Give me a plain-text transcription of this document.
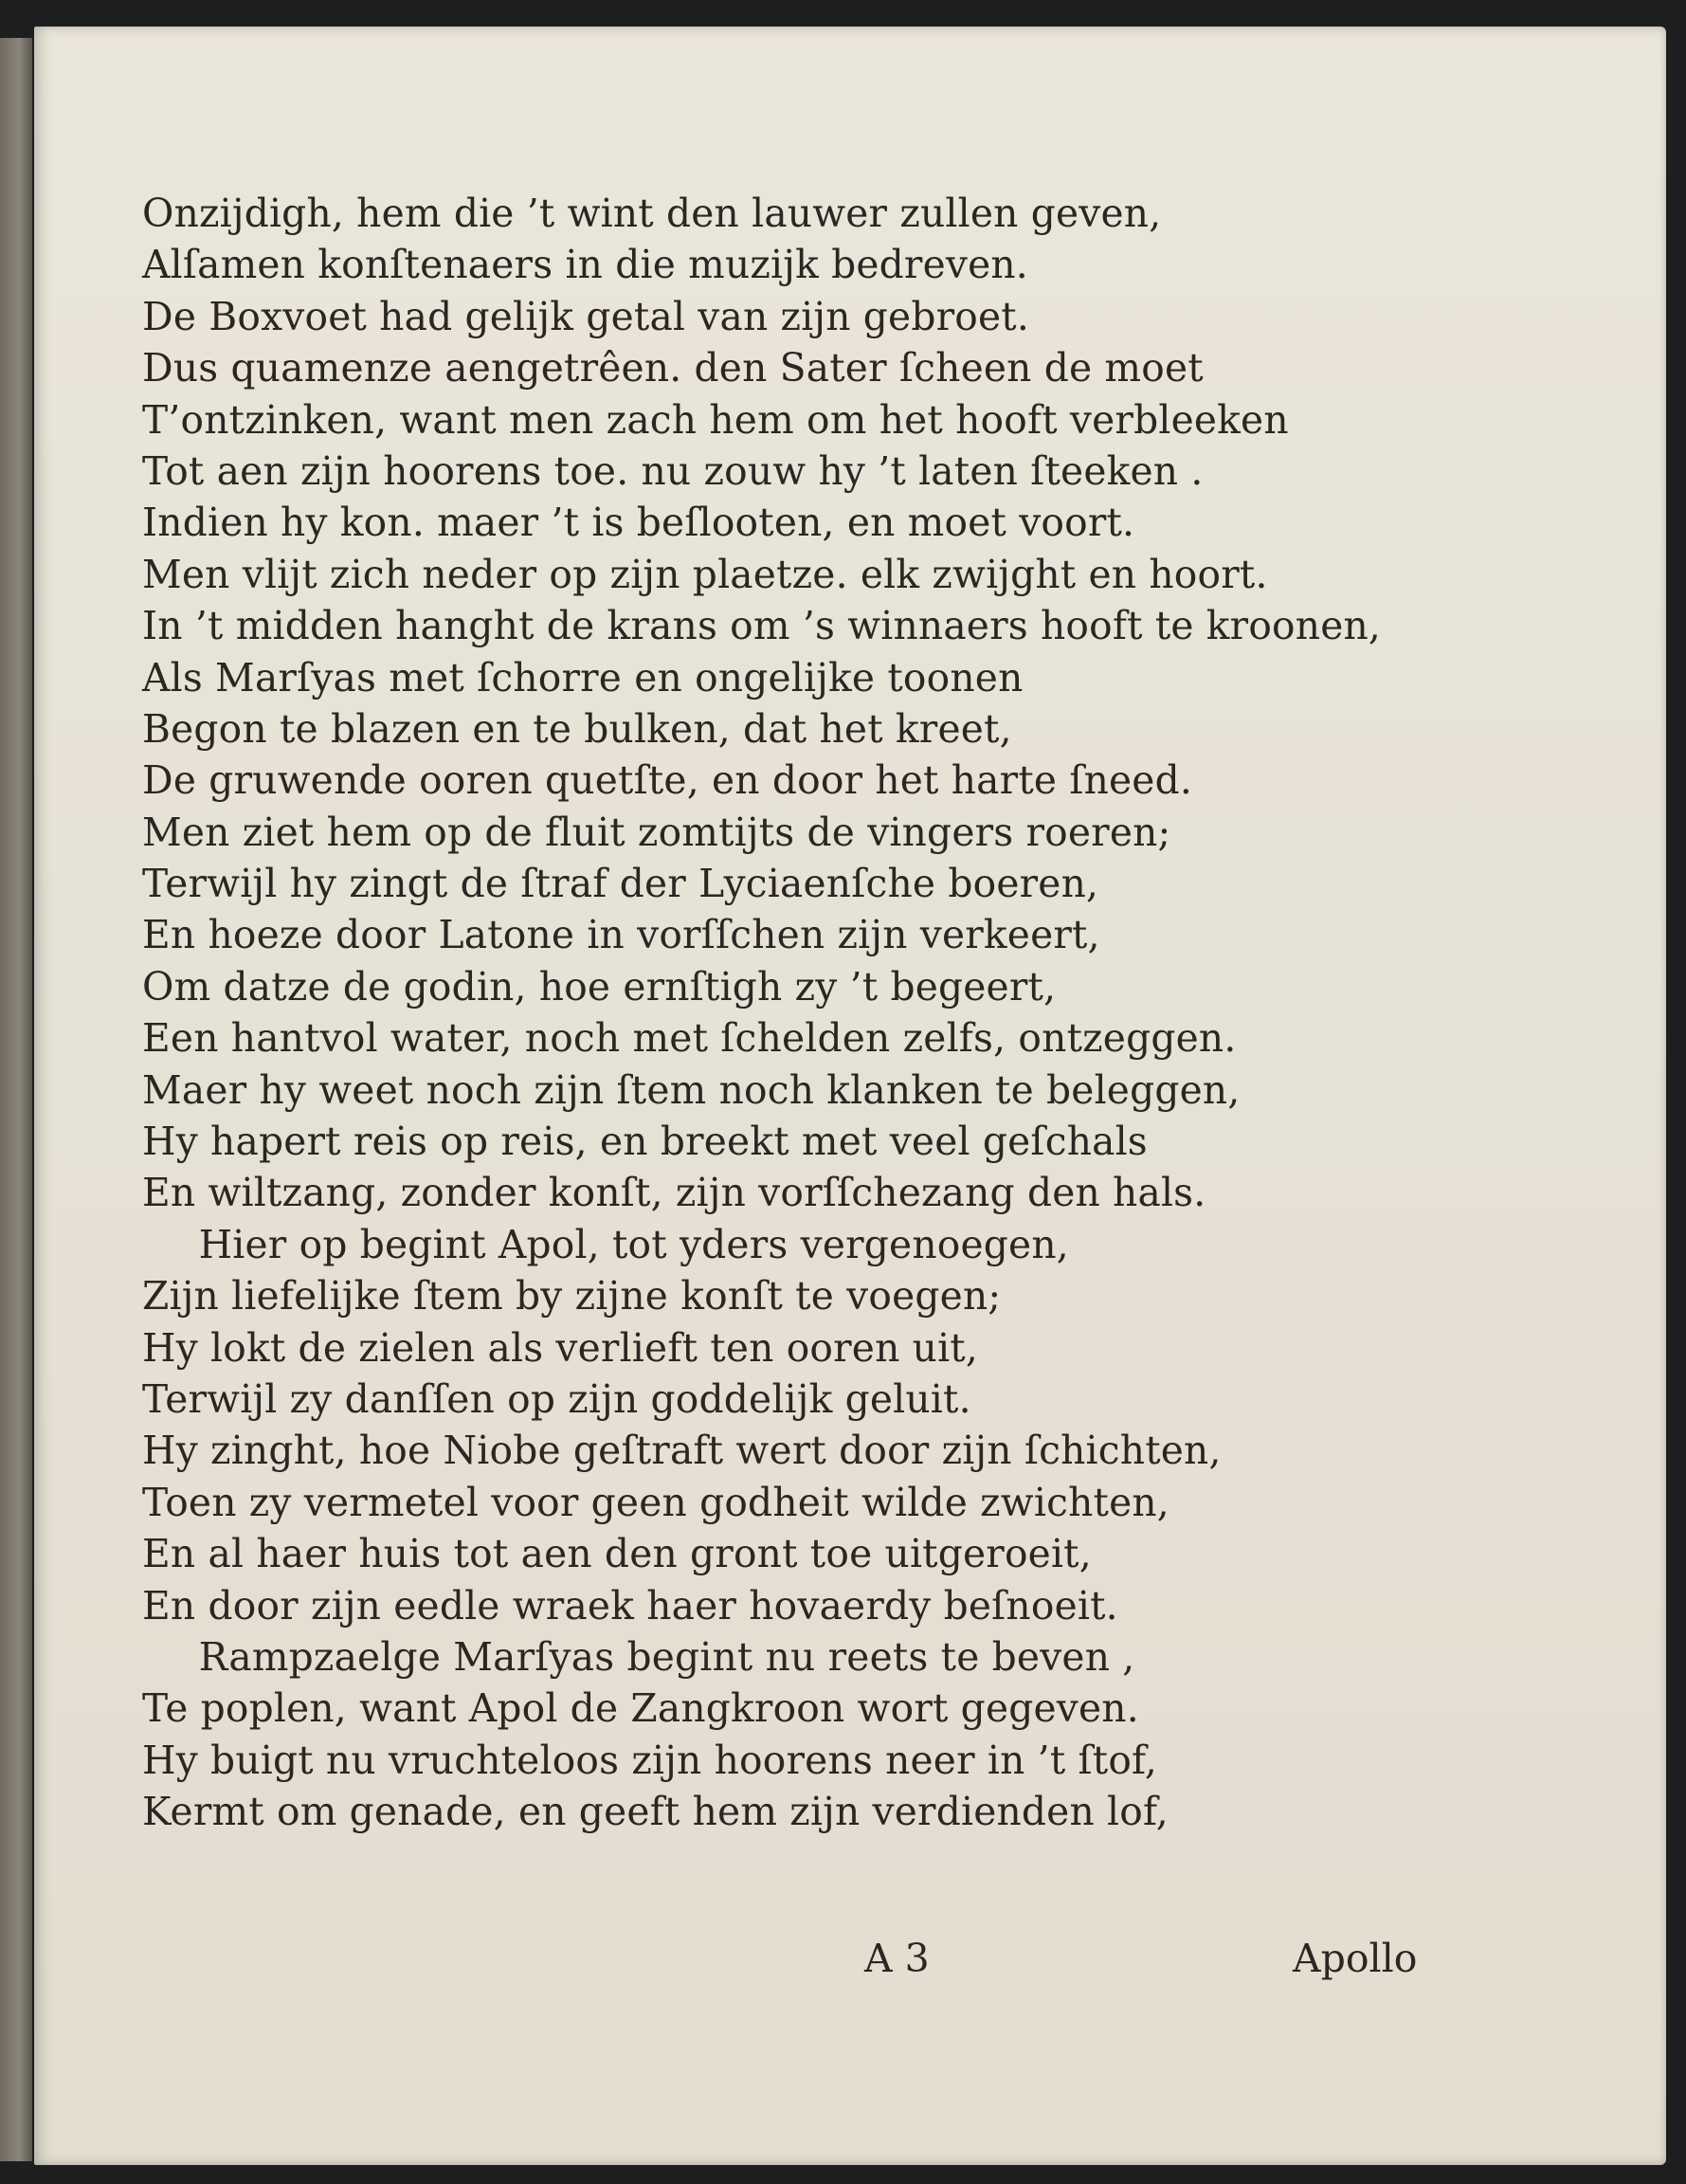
Onzijdigh, hem die ’t wint den lauwer zullen geven,
Alſamen konſtenaers in die muzijk bedreven.
De Boxvoet had gelijk getal van zijn gebroet.
Dus quamenze aengetrêen. den Sater ſcheen de moet
T’ontzinken, want men zach hem om het hooft verbleeken
Tot aen zijn hoorens toe. nu zouw hy ’t laten ſteeken .
Indien hy kon. maer ’t is beſlooten, en moet voort.
Men vlijt zich neder op zijn plaetze. elk zwijght en hoort.
In ’t midden hanght de krans om ’s winnaers hooft te kroonen,
Als Marſyas met ſchorre en ongelijke toonen
Begon te blazen en te bulken, dat het kreet,
De gruwende ooren quetſte, en door het harte ſneed.
Men ziet hem op de fluit zomtijts de vingers roeren;
Terwijl hy zingt de ſtraf der Lyciaenſche boeren,
En hoeze door Latone in vorſſchen zijn verkeert,
Om datze de godin, hoe ernſtigh zy ’t begeert,
Een hantvol water, noch met ſchelden zelfs, ontzeggen.
Maer hy weet noch zijn ſtem noch klanken te beleggen,
Hy hapert reis op reis, en breekt met veel geſchals
En wiltzang, zonder konſt, zijn vorſſchezang den hals.
Hier op begint Apol, tot yders vergenoegen,
Zijn liefelijke ſtem by zijne konſt te voegen;
Hy lokt de zielen als verlieft ten ooren uit,
Terwijl zy danſſen op zijn goddelijk geluit.
Hy zinght, hoe Niobe geſtraft wert door zijn ſchichten,
Toen zy vermetel voor geen godheit wilde zwichten,
En al haer huis tot aen den gront toe uitgeroeit,
En door zijn eedle wraek haer hovaerdy beſnoeit.
Rampzaelge Marſyas begint nu reets te beven ,
Te poplen, want Apol de Zangkroon wort gegeven.
Hy buigt nu vruchteloos zijn hoorens neer in ’t ſtof,
Kermt om genade, en geeft hem zijn verdienden lof,
A 3	Apollo
